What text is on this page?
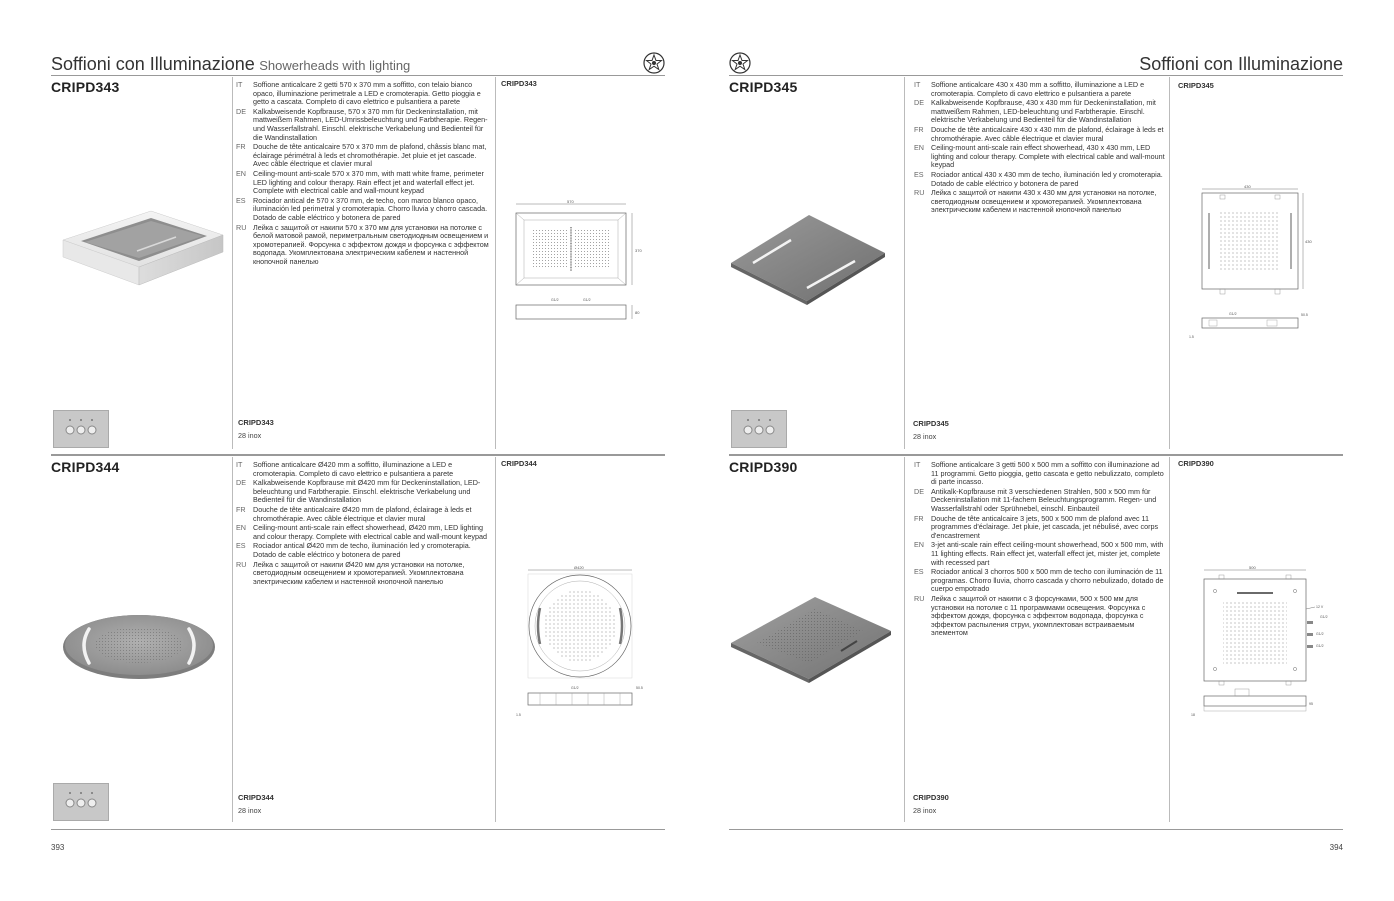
Soffioni con Illuminazione Showerheads with lighting
CRIPD343	IT	Soffione anticalcare 2 getti 570 x 370 mm a soffitto, con telaio bianco opaco, illuminazione perimetrale a LED e cromoterapia. Getto pioggia e getto a cascata. Completo di cavo elettrico e pulsantiera a parete
DE Kalkabweisende Kopfbrause, 570 x 370 mm für Deckeninstallation, mit mattweißem Rahmen, LED-Umrissbeleuchtung und Farbtherapie. Regen- und Wasserfallstrahl. Einschl. elektrische Verkabelung und Bedienteil für die Wandinstallation
FR	Douche de tête anticalcaire 570 x 370 mm de plafond, châssis blanc mat, éclairage périmétral à leds et chromothérapie. Jet pluie et jet cascade. Avec câble électrique et clavier mural
EN Ceiling-mount anti-scale 570 x 370 mm, with matt white frame, perimeter LED lighting and colour therapy. Rain effect jet and waterfall effect jet. Complete with electrical cable and wall-mount keypad
ES	Rociador antical de 570 x 370 mm, de techo, con marco blanco opaco, iluminación led perimetral y cromoterapia. Chorro lluvia y chorro cascada. Dotado de cable eléctrico y botonera de pared
RU Лейка с защитой от накипи 570 x 370 мм для установки на потолке с белой матовой рамой, периметральным светодиодным освещением и хромотерапией. Форсунка с эффектом дождя и форсунка с эффектом водопада. Укомплектована электрическим кабелем и настенной кнопочной панелью
CRIPD343
570
370
G1/2	G1/2
80
CRIPD343
28 inox
CRIPD344	IT	Soffione anticalcare Ø420 mm a soffitto, illuminazione a LED e cromoterapia. Completo di cavo elettrico e pulsantiera a parete
DE Kalkabweisende Kopfbrause mit Ø420 mm für Deckeninstallation, LED-beleuchtung und Farbtherapie. Einschl. elektrische Verkabelung und Bedienteil für die Wandinstallation
FR	Douche de tête anticalcaire Ø420 mm de plafond, éclairage à leds et chromothérapie. Avec câble électrique et clavier mural
EN Ceiling-mount anti-scale rain effect showerhead, Ø420 mm, LED lighting and colour therapy. Complete with electrical cable and wall-mount keypad
ES	Rociador antical Ø420 mm de techo, iluminación led y cromoterapia. Dotado de cable eléctrico y botonera de pared
RU Лейка с защитой от накипи Ø420 мм для установки на потолке, светодиодным освещением и хромотерапией. Укомплектована электрическим кабелем и настенной кнопочной панелью
CRIPD344
Ø420
G1/2	50.5
1.5
CRIPD344
28 inox
393
Soffioni con Illuminazione
CRIPD345	IT	Soffione anticalcare 430 x 430 mm a soffitto, illuminazione a LED e cromoterapia. Completo di cavo elettrico e pulsantiera a parete
DE Kalkabweisende Kopfbrause, 430 x 430 mm für Deckeninstallation, mit mattweißem Rahmen, LED-beleuchtung und Farbtherapie. Einschl. elektrische Verkabelung und Bedienteil für die Wandinstallation
FR	Douche de tête anticalcaire 430 x 430 mm de plafond, éclairage à leds et chromothérapie. Avec câble électrique et clavier mural
EN Ceiling-mount anti-scale rain effect showerhead, 430 x 430 mm, LED lighting and colour therapy. Complete with electrical cable and wall-mount keypad
ES	Rociador antical 430 x 430 mm de techo, iluminación led y cromoterapia. Dotado de cable eléctrico y botonera de pared
RU Лейка с защитой от накипи 430 x 430 мм для установки на потолке, светодиодным освещением и хромотерапией. Укомплектована электрическим кабелем и настенной кнопочной панелью
CRIPD345
430
430
G1/2	50.5
1.5
CRIPD345
28 inox
CRIPD390	IT	Soffione anticalcare 3 getti 500 x 500 mm a soffitto con illuminazione ad 11 programmi. Getto pioggia, getto cascata e getto nebulizzato, completo di parte incasso.
DE Antikalk-Kopfbrause mit 3 verschiedenen Strahlen, 500 x 500 mm für Deckeninstallation mit 11-fachem Beleuchtungsprogramm. Regen- und Wasserfallstrahl oder Sprühnebel, einschl. Einbauteil
FR	Douche de tête anticalcaire 3 jets, 500 x 500 mm de plafond avec 11 programmes d'éclairage. Jet pluie, jet cascada, jet nébulisé, avec corps d'encastrement
EN 3-jet anti-scale rain effect ceiling-mount showerhead, 500 x 500 mm, with 11 lighting effects. Rain effect jet, waterfall effect jet, mister jet, complete with recessed part
ES	Rociador antical 3 chorros 500 x 500 mm de techo con iluminación de 11 programas. Chorro lluvia, chorro cascada y chorro nebulizado, dotado de cuerpo empotrado
RU Лейка с защитой от накипи с 3 форсунками, 500 x 500 мм для установки на потолке с 11 программами освещения. Форсунка с эффектом дождя, форсунка с эффектом водопада, форсунка с эффектом распыления струи, укомплектован встраиваемым элементом
CRIPD390
500
12 V
G1/2
G1/2
G1/2
95
18
CRIPD390
28 inox
394
